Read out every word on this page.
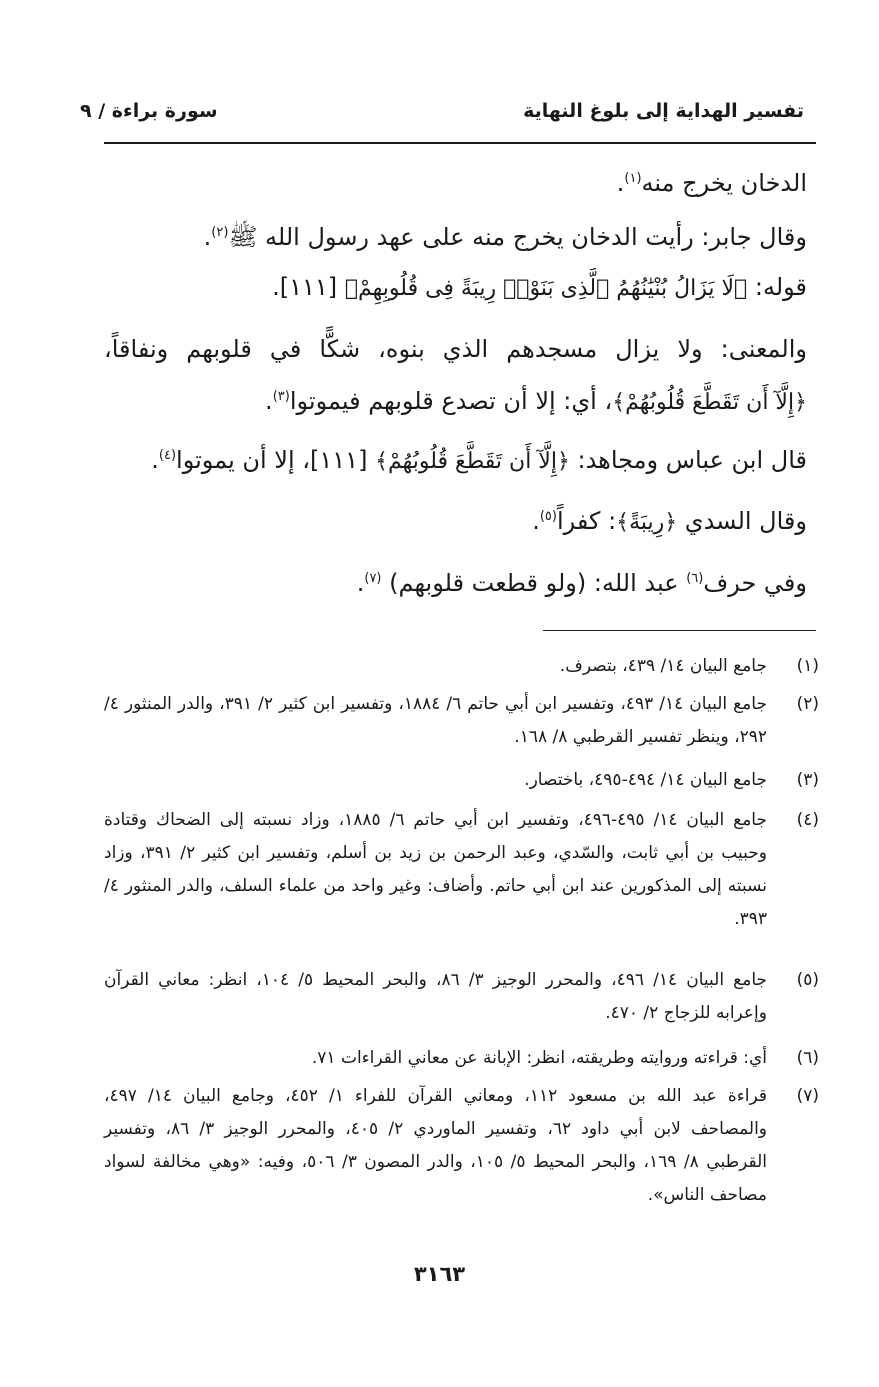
تفسير الهداية إلى بلوغ النهاية
سورة براءة / ٩
الدخان يخرج منه$^{(١)}$.
وقال جابر: رأيت الدخان يخرج منه على عهد رسول الله ﷺ$^{(٢)}$.
قوله: ﴿لَا يَزَالُ بُنْيَٰنُهُمُ ٱلَّذِى بَنَوْا۟ رِيبَةً فِى قُلُوبِهِمْ﴾ [١١١].
والمعنى: ولا يزال مسجدهم الذي بنوه، شكًّا في قلوبهم ونفاقاً،
﴿إِلَّآ أَن تَقَطَّعَ قُلُوبُهُمْ﴾، أي: إلا أن تصدع قلوبهم فيموتوا$^{(٣)}$.
قال ابن عباس ومجاهد: ﴿إِلَّآ أَن تَقَطَّعَ قُلُوبُهُمْ﴾ [١١١]، إلا أن يموتوا$^{(٤)}$.
وقال السدي ﴿رِيبَةً﴾: كفراً$^{(٥)}$.
وفي حرف$^{(٦)}$ عبد الله: (ولو قطعت قلوبهم) $^{(٧)}$.
(١)
جامع البيان ١٤/ ٤٣٩، بتصرف.
(٢)
جامع البيان ١٤/ ٤٩٣، وتفسير ابن أبي حاتم ٦/ ١٨٨٤، وتفسير ابن كثير ٢/ ٣٩١، والدر المنثور ٤/ ٢٩٢، وينظر تفسير القرطبي ٨/ ١٦٨.
(٣)
جامع البيان ١٤/ ٤٩٤-٤٩٥، باختصار.
(٤)
جامع البيان ١٤/ ٤٩٥-٤٩٦، وتفسير ابن أبي حاتم ٦/ ١٨٨٥، وزاد نسبته إلى الضحاك وقتادة وحبيب بن أبي ثابت، والسّدي، وعبد الرحمن بن زيد بن أسلم، وتفسير ابن كثير ٢/ ٣٩١، وزاد نسبته إلى المذكورين عند ابن أبي حاتم. وأضاف: وغير واحد من علماء السلف، والدر المنثور ٤/ ٣٩٣.
(٥)
جامع البيان ١٤/ ٤٩٦، والمحرر الوجيز ٣/ ٨٦، والبحر المحيط ٥/ ١٠٤، انظر: معاني القرآن وإعرابه للزجاج ٢/ ٤٧٠.
(٦)
أي: قراءته وروايته وطريقته، انظر: الإبانة عن معاني القراءات ٧١.
(٧)
قراءة عبد الله بن مسعود ١١٢، ومعاني القرآن للفراء ١/ ٤٥٢، وجامع البيان ١٤/ ٤٩٧، والمصاحف لابن أبي داود ٦٢، وتفسير الماوردي ٢/ ٤٠٥، والمحرر الوجيز ٣/ ٨٦، وتفسير القرطبي ٨/ ١٦٩، والبحر المحيط ٥/ ١٠٥، والدر المصون ٣/ ٥٠٦، وفيه: «وهي مخالفة لسواد مصاحف الناس».
٣١٦٣
